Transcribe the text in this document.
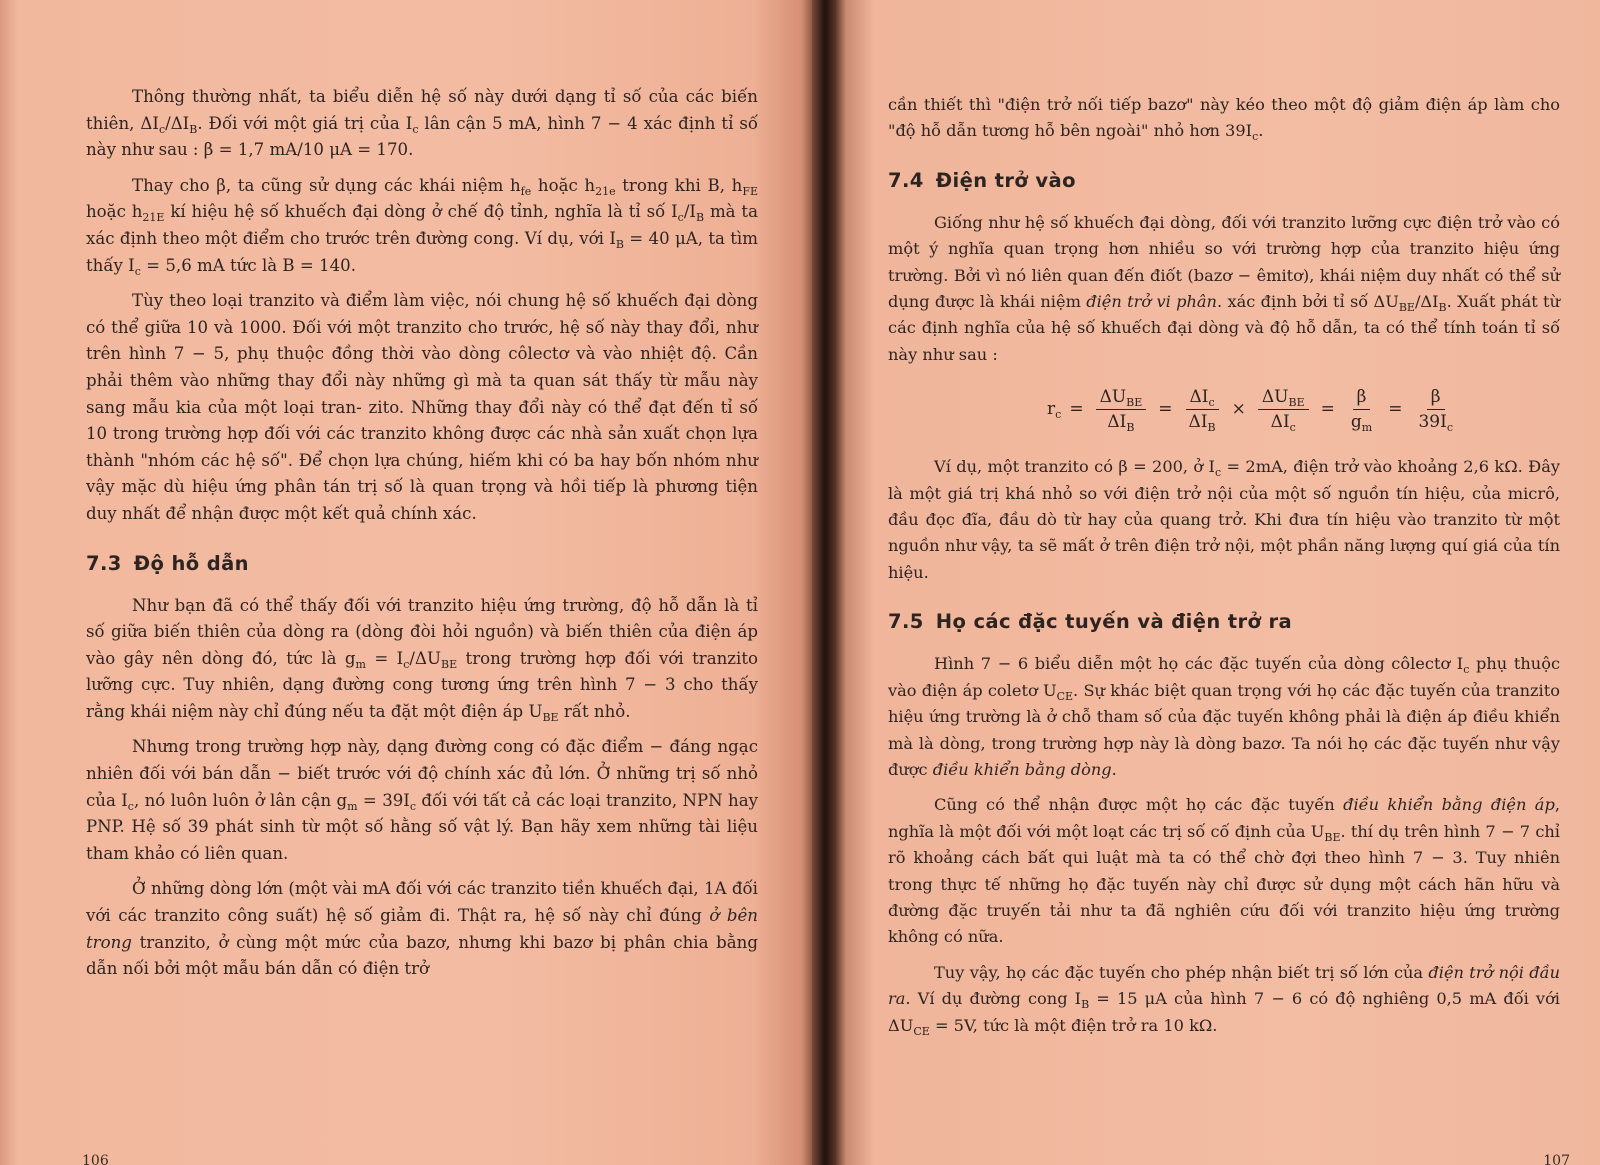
Thông thường nhất, ta biểu diễn hệ số này dưới dạng tỉ số của các biến thiên, $\Delta I_c/\Delta I_B$. Đối với một giá trị của $I_c$ lân cận 5 mA, hình 7 − 4 xác định tỉ số này như sau : β = 1,7 mA/10 μA = 170.

Thay cho β, ta cũng sử dụng các khái niệm $h_{fe}$ hoặc $h_{21e}$ trong khi B, $h_{FE}$ hoặc $h_{21E}$ kí hiệu hệ số khuếch đại dòng ở chế độ tỉnh, nghĩa là tỉ số $I_c/I_B$ mà ta xác định theo một điểm cho trước trên đường cong. Ví dụ, với $I_B = 40$ μA, ta tìm thấy $I_c = 5,6$ mA tức là B = 140.

Tùy theo loại tranzito và điểm làm việc, nói chung hệ số khuếch đại dòng có thể giữa 10 và 1000. Đối với một tranzito cho trước, hệ số này thay đổi, như trên hình 7 − 5, phụ thuộc đồng thời vào dòng côlectơ và vào nhiệt độ. Cần phải thêm vào những thay đổi này những gì mà ta quan sát thấy từ mẫu này sang mẫu kia của một loại tran- zito. Những thay đổi này có thể đạt đến tỉ số 10 trong trường hợp đối với các tranzito không được các nhà sản xuất chọn lựa thành "nhóm các hệ số". Để chọn lựa chúng, hiếm khi có ba hay bốn nhóm như vậy mặc dù hiệu ứng phân tán trị số là quan trọng và hồi tiếp là phương tiện duy nhất để nhận được một kết quả chính xác.

7.3 Độ hỗ dẫn

Như bạn đã có thể thấy đối với tranzito hiệu ứng trường, độ hỗ dẫn là tỉ số giữa biến thiên của dòng ra (dòng đòi hỏi nguồn) và biến thiên của điện áp vào gây nên dòng đó, tức là $g_m = I_c/\Delta U_{BE}$ trong trường hợp đối với tranzito lưỡng cực. Tuy nhiên, dạng đường cong tương ứng trên hình 7 − 3 cho thấy rằng khái niệm này chỉ đúng nếu ta đặt một điện áp $U_{BE}$ rất nhỏ.

Nhưng trong trường hợp này, dạng đường cong có đặc điểm − đáng ngạc nhiên đối với bán dẫn − biết trước với độ chính xác đủ lớn. Ở những trị số nhỏ của $I_c$, nó luôn luôn ở lân cận $g_m = 39I_c$ đối với tất cả các loại tranzito, NPN hay PNP. Hệ số 39 phát sinh từ một số hằng số vật lý. Bạn hãy xem những tài liệu tham khảo có liên quan.

Ở những dòng lớn (một vài mA đối với các tranzito tiền khuếch đại, 1A đối với các tranzito công suất) hệ số giảm đi. Thật ra, hệ số này chỉ đúng ở bên trong tranzito, ở cùng một mức của bazơ, nhưng khi bazơ bị phân chia bằng dẫn nối bởi một mẫu bán dẫn có điện trở

106

cần thiết thì "điện trở nối tiếp bazơ" này kéo theo một độ giảm điện áp làm cho "độ hỗ dẫn tương hỗ bên ngoài" nhỏ hơn $39I_c$.

7.4 Điện trở vào

Giống như hệ số khuếch đại dòng, đối với tranzito lưỡng cực điện trở vào có một ý nghĩa quan trọng hơn nhiều so với trường hợp của tranzito hiệu ứng trường. Bởi vì nó liên quan đến điốt (bazơ − êmitơ), khái niệm duy nhất có thể sử dụng được là khái niệm điện trở vi phân. xác định bởi tỉ số $\Delta U_{BE}/\Delta I_B$. Xuất phát từ các định nghĩa của hệ số khuếch đại dòng và độ hỗ dẫn, ta có thể tính toán tỉ số này như sau :

$r_c = \frac{\Delta U_{BE}}{\Delta I_B} = \frac{\Delta I_c}{\Delta I_B} \times \frac{\Delta U_{BE}}{\Delta I_c} = \frac{\beta}{g_m} = \frac{\beta}{39I_c}$

Ví dụ, một tranzito có β = 200, ở $I_c = 2mA$, điện trở vào khoảng 2,6 kΩ. Đây là một giá trị khá nhỏ so với điện trở nội của một số nguồn tín hiệu, của micrô, đầu đọc đĩa, đầu dò từ hay của quang trở. Khi đưa tín hiệu vào tranzito từ một nguồn như vậy, ta sẽ mất ở trên điện trở nội, một phần năng lượng quí giá của tín hiệu.

7.5 Họ các đặc tuyến và điện trở ra

Hình 7 − 6 biểu diễn một họ các đặc tuyến của dòng côlectơ $I_c$ phụ thuộc vào điện áp coletơ $U_{CE}$. Sự khác biệt quan trọng với họ các đặc tuyến của tranzito hiệu ứng trường là ở chỗ tham số của đặc tuyến không phải là điện áp điều khiển mà là dòng, trong trường hợp này là dòng bazơ. Ta nói họ các đặc tuyến như vậy được điều khiển bằng dòng.

Cũng có thể nhận được một họ các đặc tuyến điều khiển bằng điện áp, nghĩa là một đối với một loạt các trị số cố định của $U_{BE}$. thí dụ trên hình 7 − 7 chỉ rõ khoảng cách bất qui luật mà ta có thể chờ đợi theo hình 7 − 3. Tuy nhiên trong thực tế những họ đặc tuyến này chỉ được sử dụng một cách hãn hữu và đường đặc truyến tải như ta đã nghiên cứu đối với tranzito hiệu ứng trường không có nữa.

Tuy vậy, họ các đặc tuyến cho phép nhận biết trị số lớn của điện trở nội đầu ra. Ví dụ đường cong $I_B = 15$ μA của hình 7 − 6 có độ nghiêng 0,5 mA đối với $\Delta U_{CE} = 5V$, tức là một điện trở ra 10 kΩ.

107
